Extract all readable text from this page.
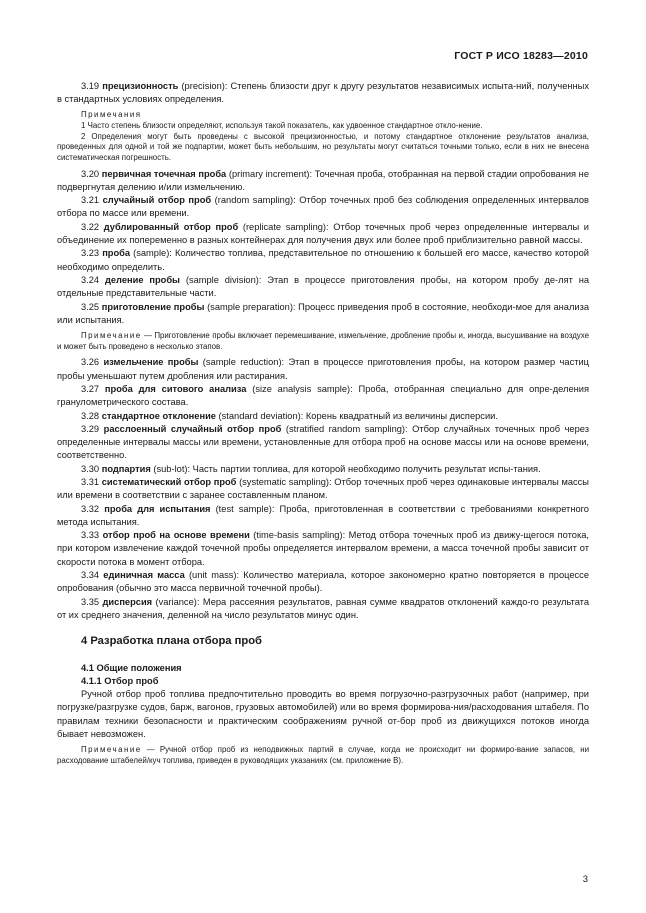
ГОСТ Р ИСО 18283—2010

3.19 прецизионность (precision): Степень близости друг к другу результатов независимых испыта-ний, полученных в стандартных условиях определения.

Примечания

1 Часто степень близости определяют, используя такой показатель, как удвоенное стандартное откло-нение.

2 Определения могут быть проведены с высокой прецизионностью, и потому стандартное отклонение результатов анализа, проведенных для одной и той же подпартии, может быть небольшим, но результаты могут считаться точными только, если в них не внесена систематическая погрешность.

3.20 первичная точечная проба (primary increment): Точечная проба, отобранная на первой стадии опробования не подвергнутая делению и/или измельчению.

3.21 случайный отбор проб (random sampling): Отбор точечных проб без соблюдения определенных интервалов отбора по массе или времени.

3.22 дублированный отбор проб (replicate sampling): Отбор точечных проб через определенные интервалы и объединение их попеременно в разных контейнерах для получения двух или более проб приблизительно равной массы.

3.23 проба (sample): Количество топлива, представительное по отношению к большей его массе, качество которой необходимо определить.

3.24 деление пробы (sample division): Этап в процессе приготовления пробы, на котором пробу де-лят на отдельные представительные части.

3.25 приготовление пробы (sample preparation): Процесс приведения проб в состояние, необходи-мое для анализа или испытания.

Примечание — Приготовление пробы включает перемешивание, измельчение, дробление пробы и, иногда, высушивание на воздухе и может быть проведено в несколько этапов.

3.26 измельчение пробы (sample reduction): Этап в процессе приготовления пробы, на котором размер частиц пробы уменьшают путем дробления или растирания.

3.27 проба для ситового анализа (size analysis sample): Проба, отобранная специально для опре-деления гранулометрического состава.

3.28 стандартное отклонение (standard deviation): Корень квадратный из величины дисперсии.

3.29 расслоенный случайный отбор проб (stratified random sampling): Отбор случайных точечных проб через определенные интервалы массы или времени, установленные для отбора проб на основе массы или на основе времени, соответственно.

3.30 подпартия (sub-lot): Часть партии топлива, для которой необходимо получить результат испы-тания.

3.31 систематический отбор проб (systematic sampling): Отбор точечных проб через одинаковые интервалы массы или времени в соответствии с заранее составленным планом.

3.32 проба для испытания (test sample): Проба, приготовленная в соответствии с требованиями конкретного метода испытания.

3.33 отбор проб на основе времени (time-basis sampling): Метод отбора точечных проб из движу-щегося потока, при котором извлечение каждой точечной пробы определяется интервалом времени, а масса точечной пробы зависит от скорости потока в момент отбора.

3.34 единичная масса (unit mass): Количество материала, которое закономерно кратно повторяется в процессе опробования (обычно это масса первичной точечной пробы).

3.35 дисперсия (variance): Мера рассеяния результатов, равная сумме квадратов отклонений каждо-го результата от их среднего значения, деленной на число результатов минус один.

4 Разработка плана отбора проб
4.1 Общие положения
4.1.1 Отбор проб

Ручной отбор проб топлива предпочтительно проводить во время погрузочно-разгрузочных работ (например, при погрузке/разгрузке судов, барж, вагонов, грузовых автомобилей) или во время формирова-ния/расходования штабеля. По правилам техники безопасности и практическим соображениям ручной от-бор проб из движущихся потоков иногда бывает невозможен.

Примечание — Ручной отбор проб из неподвижных партий в случае, когда не происходит ни формиро-вание запасов, ни расходование штабелей/куч топлива, приведен в руководящих указаниях (см. приложение В).

3
